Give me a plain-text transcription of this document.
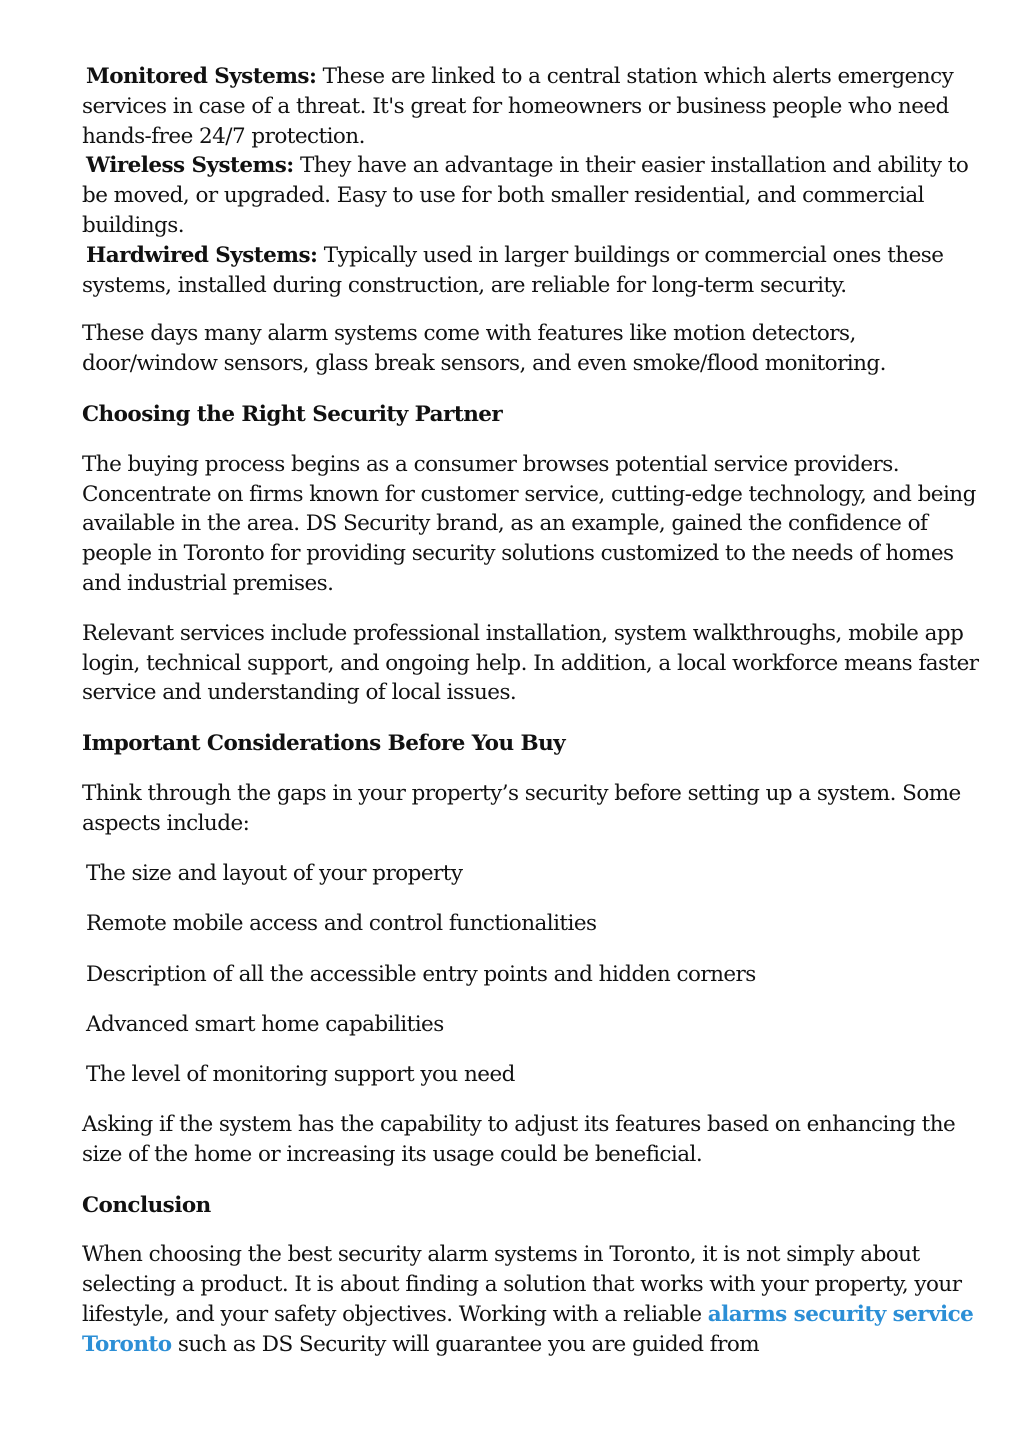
Monitored Systems: These are linked to a central station which alerts emergency services in case of a threat. It's great for homeowners or business people who need hands-free 24/7 protection.

Wireless Systems: They have an advantage in their easier installation and ability to be moved, or upgraded. Easy to use for both smaller residential, and commercial buildings.

Hardwired Systems: Typically used in larger buildings or commercial ones these systems, installed during construction, are reliable for long-term security.

These days many alarm systems come with features like motion detectors, door/window sensors, glass break sensors, and even smoke/flood monitoring.

Choosing the Right Security Partner

The buying process begins as a consumer browses potential service providers. Concentrate on firms known for customer service, cutting-edge technology, and being available in the area. DS Security brand, as an example, gained the confidence of people in Toronto for providing security solutions customized to the needs of homes and industrial premises.

Relevant services include professional installation, system walkthroughs, mobile app login, technical support, and ongoing help. In addition, a local workforce means faster service and understanding of local issues.

Important Considerations Before You Buy

Think through the gaps in your property’s security before setting up a system. Some aspects include:

The size and layout of your property

Remote mobile access and control functionalities

Description of all the accessible entry points and hidden corners

Advanced smart home capabilities

The level of monitoring support you need

Asking if the system has the capability to adjust its features based on enhancing the size of the home or increasing its usage could be beneficial.

Conclusion

When choosing the best security alarm systems in Toronto, it is not simply about selecting a product. It is about finding a solution that works with your property, your lifestyle, and your safety objectives. Working with a reliable alarms security service Toronto such as DS Security will guarantee you are guided from
